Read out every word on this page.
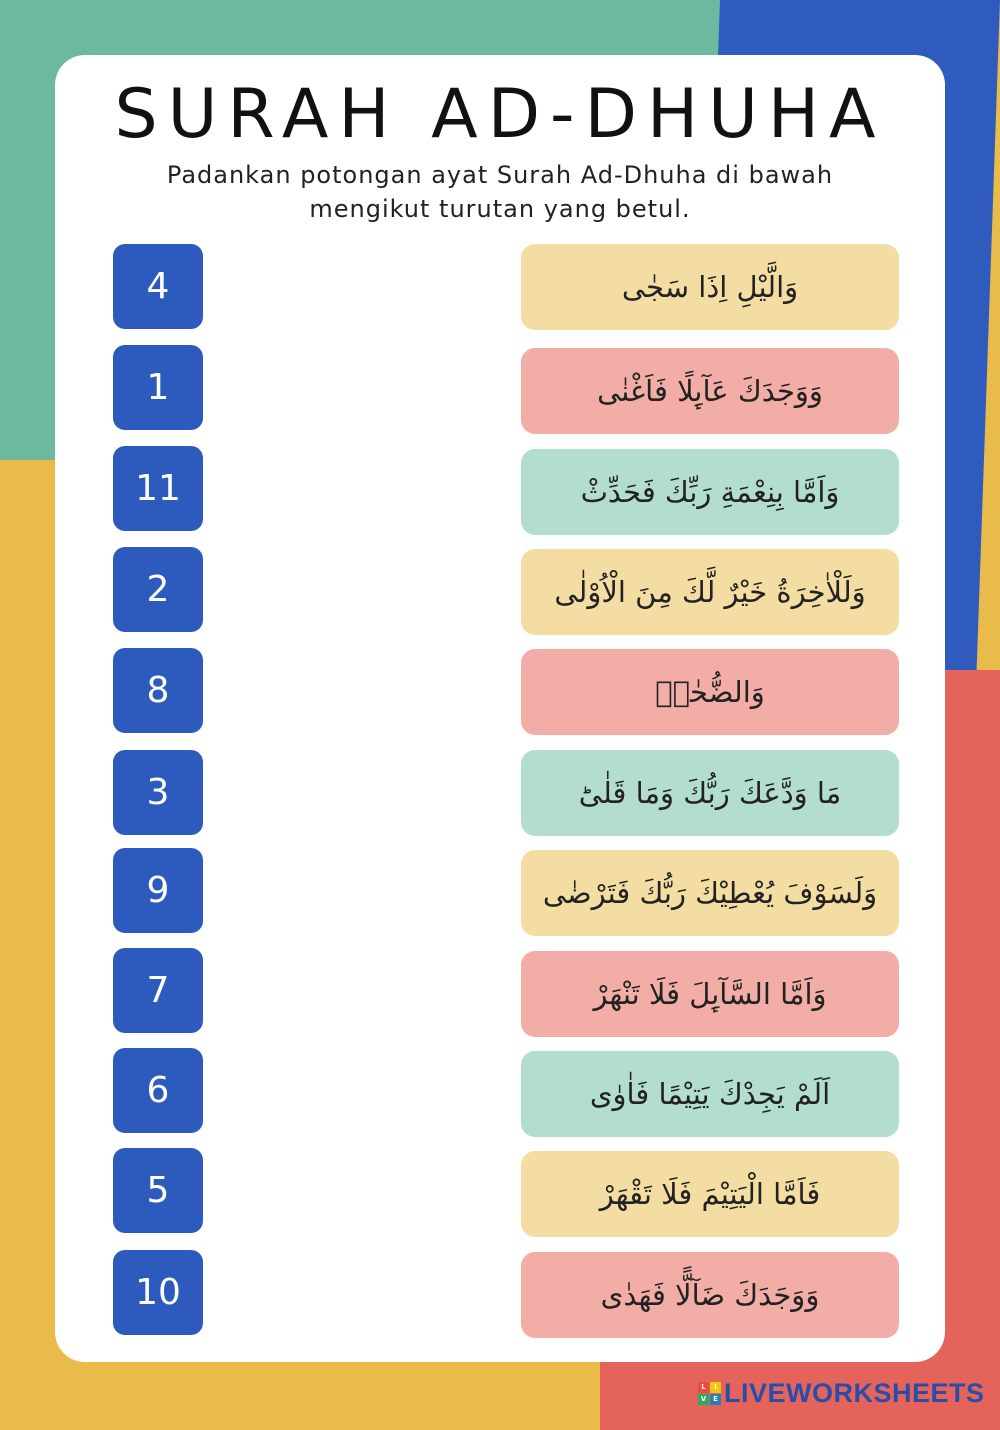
SURAH AD-DHUHA
Padankan potongan ayat Surah Ad-Dhuha di bawah mengikut turutan yang betul.
4
1
11
2
8
3
9
7
6
5
10
وَالَّيْلِ اِذَا سَجٰى
وَوَجَدَكَ عَآٮِٕلًا فَاَغْنٰى
وَاَمَّا بِنِعْمَةِ رَبِّكَ فَحَدِّثْ
وَلَلْاٰخِرَةُ خَيْرٌ لَّكَ مِنَ الْاُوْلٰى
وَالضُّحٰىۙ
مَا وَدَّعَكَ رَبُّكَ وَمَا قَلٰىؕ
وَلَسَوْفَ يُعْطِيْكَ رَبُّكَ فَتَرْضٰى
وَاَمَّا السَّآٮِٕلَ فَلَا تَنْهَرْ
اَلَمْ يَجِدْكَ يَتِيْمًا فَاٰوٰى
فَاَمَّا الْيَتِيْمَ فَلَا تَقْهَرْ
وَوَجَدَكَ ضَآلًّا فَهَدٰى
L	I
V E LIVEWORKSHEETS
